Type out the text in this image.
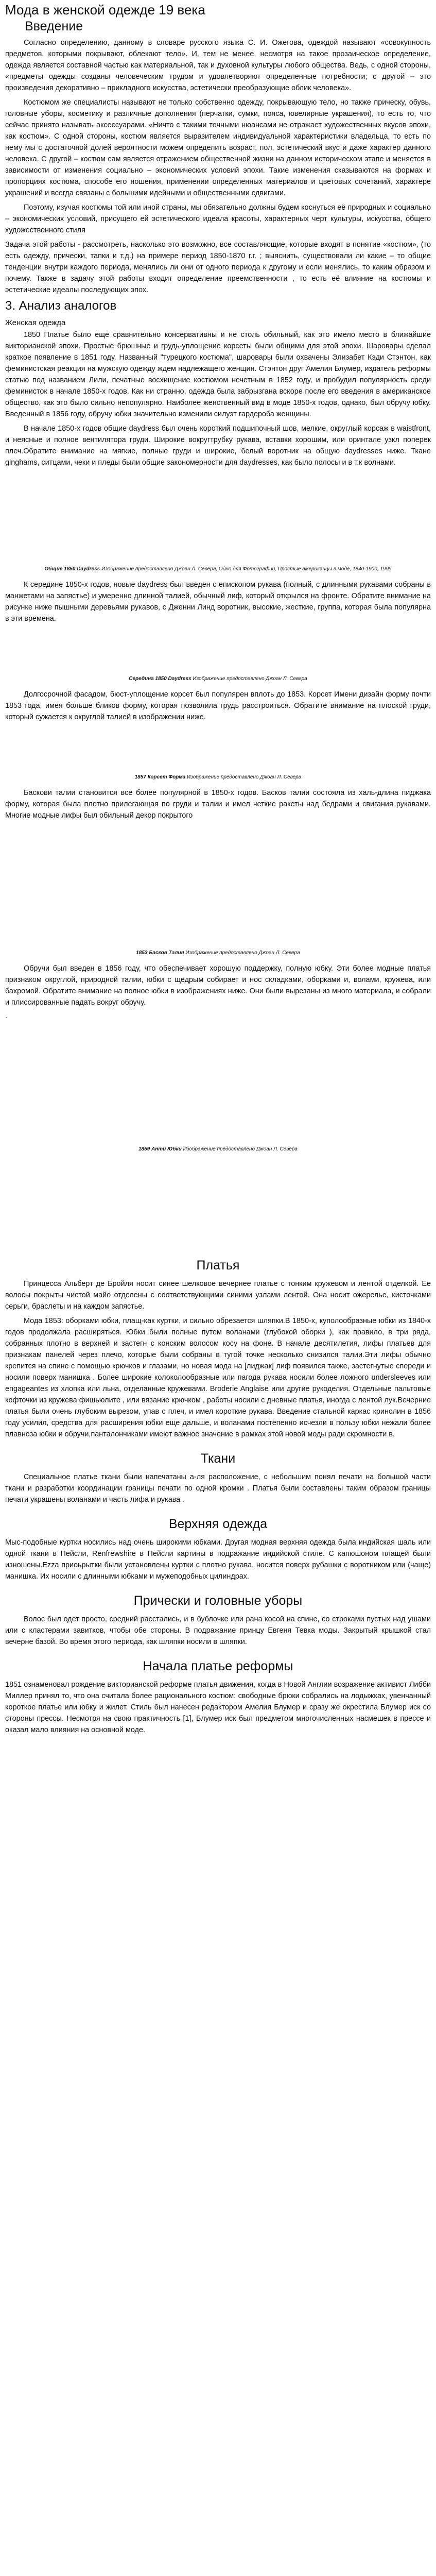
Мода в женской одежде 19 века
Введение

Согласно определению, данному в словаре русского языка С. И. Ожегова, одеждой называют «совокупность предметов, которыми покрывают, облекают тело». И, тем не менее, несмотря на такое прозаическое определение, одежда является составной частью как материальной, так и духовной культуры любого общества. Ведь, с одной стороны, «предметы одежды созданы человеческим трудом и удовлетворяют определенные потребности; с другой – это произведения декоративно – прикладного искусства, эстетически преобразующие облик человека».

Костюмом же специалисты называют не только собственно одежду, покрывающую тело, но также прическу, обувь, головные уборы, косметику и различные дополнения (перчатки, сумки, пояса, ювелирные украшения), то есть то, что сейчас принято называть аксессуарами. «Ничто с такими точными нюансами не отражает художественных вкусов эпохи, как костюм». С одной стороны, костюм является выразителем индивидуальной характеристики владельца, то есть по нему мы с достаточной долей вероятности можем определить возраст, пол, эстетический вкус и даже характер данного человека. С другой – костюм сам является отражением общественной жизни на данном историческом этапе и меняется в зависимости от изменения социально – экономических условий эпохи. Такие изменения сказываются на формах и пропорциях костюма, способе его ношения, применении определенных материалов и цветовых сочетаний, характере украшений и всегда связаны с большими идейными и общественными сдвигами.

Поэтому, изучая костюмы той или иной страны, мы обязательно должны будем коснуться её природных и социально – экономических условий, присущего ей эстетического идеала красоты, характерных черт культуры, искусства, общего художественного стиля

Задача этой работы - рассмотреть, насколько это возможно, все составляющие, которые входят в понятие «костюм», (то есть одежду, прически, тапки и т.д.) на примере период 1850-1870 г.г. ; выяснить, существовали ли какие – то общие тенденции внутри каждого периода, менялись ли они от одного периода к другому и если менялись, то каким образом и почему. Также в задачу этой работы входит определение преемственности , то есть её влияние на костюмы и эстетические идеалы последующих эпох.

3. Анализ аналогов
Женская одежда

1850 Платье было еще сравнительно консервативны и не столь обильный, как это имело место в ближайшие викторианской эпохи. Простые брюшные и грудь-уплощение корсеты были общими для этой эпохи. Шаровары сделал краткое появление в 1851 году. Названный "турецкого костюма", шаровары были охвачены Элизабет Кэди Стэнтон, как феминистская реакция на мужскую одежду ждем надлежащего женщин. Стэнтон друг Амелия Блумер, издатель реформы статью под названием Лили, печатные восхищение костюмом нечетным в 1852 году, и пробудил популярность среди феминисток в начале 1850-х годов. Как ни странно, одежда была забрызгана вскоре после его введения в американское общество, как это было сильно непопулярно. Наиболее женственный вид в моде 1850-х годов, однако, был обручу юбку. Введенный в 1856 году, обручу юбки значительно изменили силуэт гардероба женщины.

В начале 1850-х годов общие daydress был очень короткий подшипочный шов, мелкие, округлый корсаж в waistfront, и неясные и полное вентилятора груди. Широкие вокругтрубку рукава, вставки хорошим, или оринтале узкл поперек плеч.Обратите внимание на мягкие, полные груди и широкие, белый воротник на общую daydresses ниже. Ткане ginghams, ситцами, чеки и пледы были общие закономерности для daydresses, как было полосы и в т.к волнами.

Общие 1850 Daydress Изображение предоставлено Джоан Л. Севера, Одно для Фотографии, Простые американцы в моде, 1840-1900, 1995

К середине 1850-х годов, новые daydress был введен с епископом рукава (полный, с длинными рукавами собраны в манжетами на запястье) и умеренно длинной талией, обычный лиф, который открылся на фронте. Обратите внимание на рисунке ниже пышными деревьями рукавов, с Дженни Линд воротник, высокие, жесткие, группа, которая была популярна в эти времена.

Середина 1850 Daydress Изображение предоставлено Джоан Л. Севера

Долгосрочной фасадом, бюст-уплощение корсет был популярен вплоть до 1853. Корсет Имени дизайн форму почти 1853 года, имея больше бликов форму, которая позволила грудь расстроиться. Обратите внимание на плоской груди, который сужается к округлой талией в изображении ниже.

1857 Корсет Форма Изображение предоставлено Джоан Л. Севера

Баскови талии становится все более популярной в 1850-х годов. Басков талии состояла из халь-длина пиджака форму, которая была плотно прилегающая по груди и талии и имел четкие ракеты над бедрами и свигания рукавами. Многие модные лифы был обильный декор покрытого

1853 Басков Талия Изображение предоставлено Джоан Л. Севера

Обручи был введен в 1856 году, что обеспечивает хорошую поддержку, полную юбку. Эти более модные платья признаком округлой, природной талии, юбки с щедрым собирает и нос складками, оборками и, волами, кружева, или бахромой. Обратите внимание на полное юбки в изображениях ниже. Они были вырезаны из много материала, и собрали и плиссированные падать вокруг обручу.

.
1859 Анти Юбки Изображение предоставлено Джоан Л. Севера
Платья

Принцесса Альберт де Бройля носит синее шелковое вечернее платье с тонким кружевом и лентой отделкой. Ее волосы покрыты чистой майо отделены с соответствующими синими узлами лентой. Она носит ожерелье, кисточками серьги, браслеты и на каждом запястье.

Мода 1853: оборками юбки, плащ-как куртки, и сильно обрезается шляпки.В 1850-х, куполообразные юбки из 1840-х годов продолжала расширяться. Юбки были полные путем воланами (глубокой оборки ), как правило, в три ряда, собранных плотно в верхней и застегн с конским волосом косу на фоне. В начале десятилетия, лифы платьев для признакам панелей через плечо, которые были собраны в тугой точке несколько снизился талии.Эти лифы обычно крепится на спине с помощью крючков и глазами, но новая мода на [лиджак] лиф появился также, застегнутые спереди и носили поверх манишка . Более широкие колоколообразные или пагода рукава носили более ложного undersleeves или engageantes из хлопка или льна, отделанные кружевами. Broderie Anglaise или другие рукоделия. Отдельные пальтовые кофточки из кружева фишьюлите , или вязание крючком , работы носили с дневные платья, иногда с лентой лук.Вечерние платья были очень глубоким вырезом, упав с плеч, и имел короткие рукава. Введение стальной каркас кринолин в 1856 году усилил, средства для расширения юбки еще дальше, и воланами постепенно исчезли в пользу юбки нежали более плавноза юбки и обручи,панталончиками имеют важное значение в рамках этой новой моды ради скромности в.

Ткани

Специальное платье ткани были напечатаны а-ля расположение, с небольшим понял печати на большой части ткани и разработки координации границы печати по одной кромки . Платья были составлены таким образом границы печати украшены воланами и часть лифа и рукава .

Верхняя одежда

Мыс-подобные куртки носились над очень широкими юбками. Другая модная верхняя одежда была индийская шаль или одной ткани в Пейсли, Renfrewshire в Пейсли картины в подражание индийской стиле. С капюшоном плащей были изношены.Ezza приоьрытки были установлены куртки с плотно рукава, носится поверх рубашки с воротником или (чаще) манишка. Их носили с длинными юбками и мужеподобных цилиндрах.

Прически и головные уборы

Волос был одет просто, средний расстались, и в бублочке или рана косой на спине, со строками пустых над ушами или с кластерами завитков, чтобы обе стороны. В подражание принцу Евгеня Тевка моды. Закрытый крышкой стал вечерне базой. Во время этого периода, как шляпки носили в шляпки.

Начала платье реформы

1851 ознаменовал рождение викторианской реформе платья движения, когда в Новой Англии возражение активист Либби Миллер принял то, что она считала более рационального костюм: свободные брюки собрались на лодыжках, увенчанный короткое платье или юбку и жилет. Стиль был нанесен редактором Амелия Блумер и сразу же окрестила Блумер иск со стороны прессы. Несмотря на свою практичность [1], Блумер иск был предметом многочисленных насмешек в прессе и оказал мало влияния на основной моде.
